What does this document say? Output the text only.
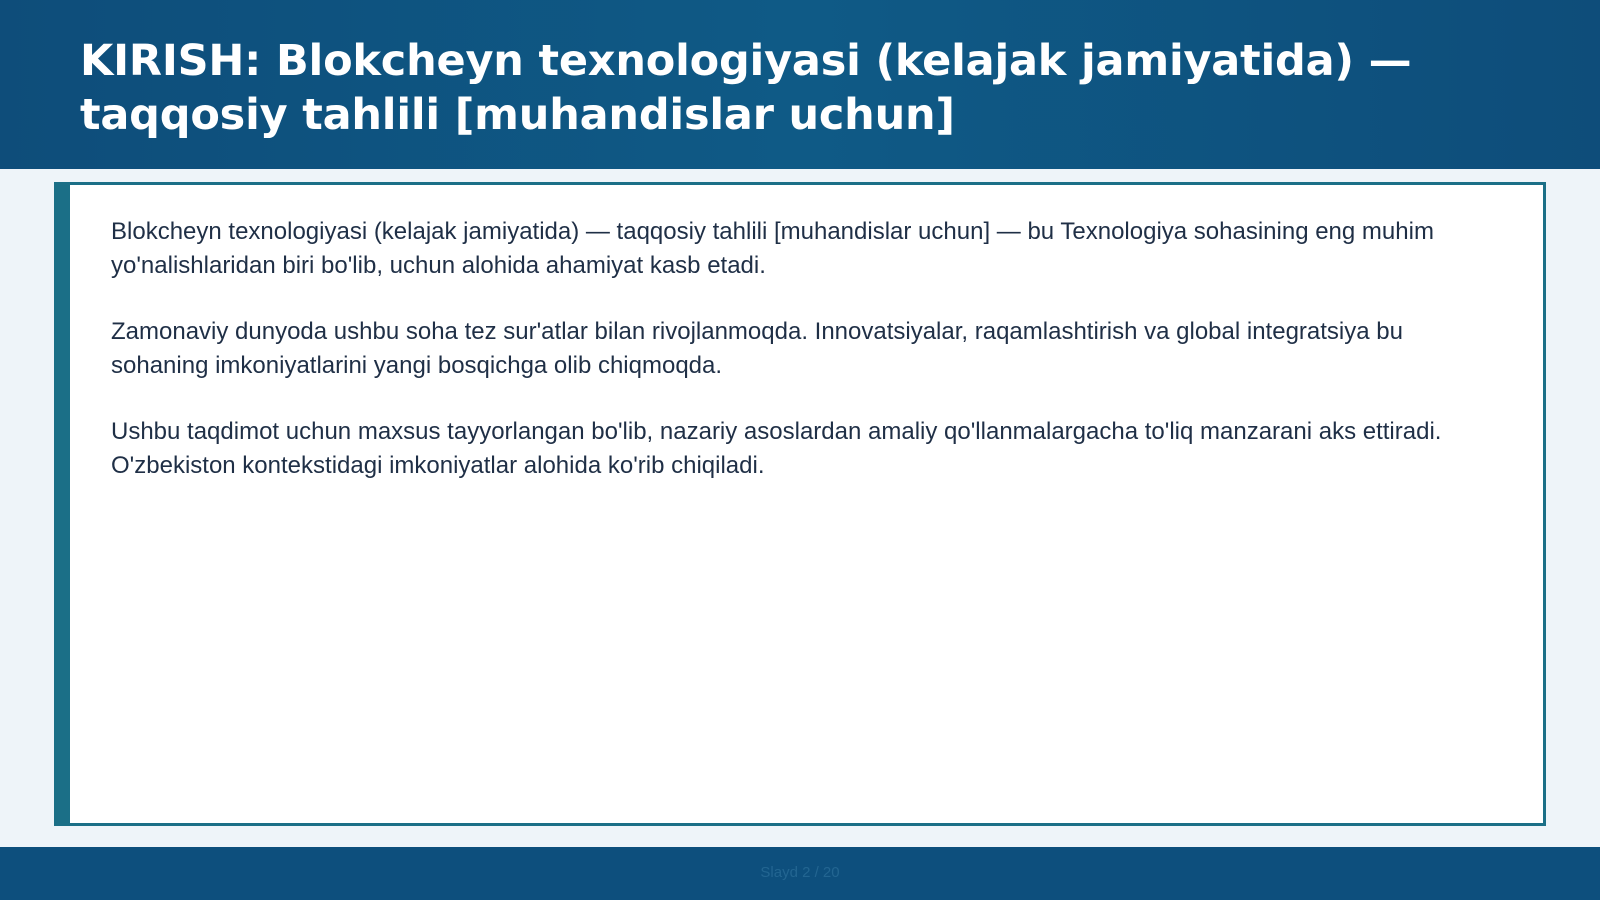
KIRISH: Blokcheyn texnologiyasi (kelajak jamiyatida) — taqqosiy tahlili [muhandislar uchun]

Blokcheyn texnologiyasi (kelajak jamiyatida) — taqqosiy tahlili [muhandislar uchun] — bu Texnologiya sohasining eng muhim yo'nalishlaridan biri bo'lib, uchun alohida ahamiyat kasb etadi.

Zamonaviy dunyoda ushbu soha tez sur'atlar bilan rivojlanmoqda. Innovatsiyalar, raqamlashtirish va global integratsiya bu sohaning imkoniyatlarini yangi bosqichga olib chiqmoqda.

Ushbu taqdimot uchun maxsus tayyorlangan bo'lib, nazariy asoslardan amaliy qo'llanmalargacha to'liq manzarani aks ettiradi. O'zbekiston kontekstidagi imkoniyatlar alohida ko'rib chiqiladi.

Slayd 2 / 20
